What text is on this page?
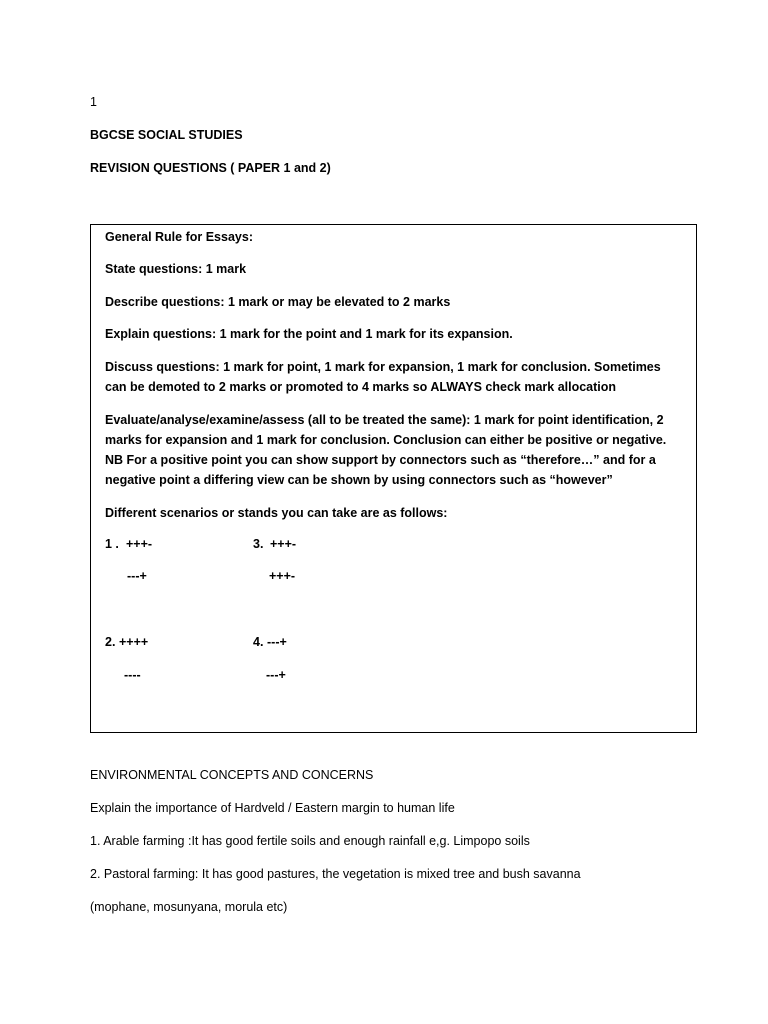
1
BGCSE SOCIAL STUDIES
REVISION QUESTIONS ( PAPER 1 and 2)
General Rule for Essays:
State questions: 1 mark
Describe questions: 1 mark or may be elevated to 2 marks
Explain questions: 1 mark for the point and 1 mark for its expansion.
Discuss questions: 1 mark for point, 1 mark for expansion, 1 mark for conclusion. Sometimes can be demoted to 2 marks or promoted to 4 marks so ALWAYS check mark allocation
Evaluate/analyse/examine/assess (all to be treated the same): 1 mark for point identification, 2 marks for expansion and 1 mark for conclusion. Conclusion can either be positive or negative. NB For a positive point you can show support by connectors such as “therefore…” and for a negative point a differing view can be shown by using connectors such as “however”
Different scenarios or stands you can take are as follows:
1 . +++-
---+
3. +++-
+++-
2. ++++
----
4. ---+
---+
ENVIRONMENTAL CONCEPTS AND CONCERNS
Explain the importance of Hardveld / Eastern margin to human life
1. Arable farming :It has good fertile soils and enough rainfall e,g. Limpopo soils
2. Pastoral farming: It has good pastures, the vegetation is mixed tree and bush savanna
(mophane, mosunyana, morula etc)
